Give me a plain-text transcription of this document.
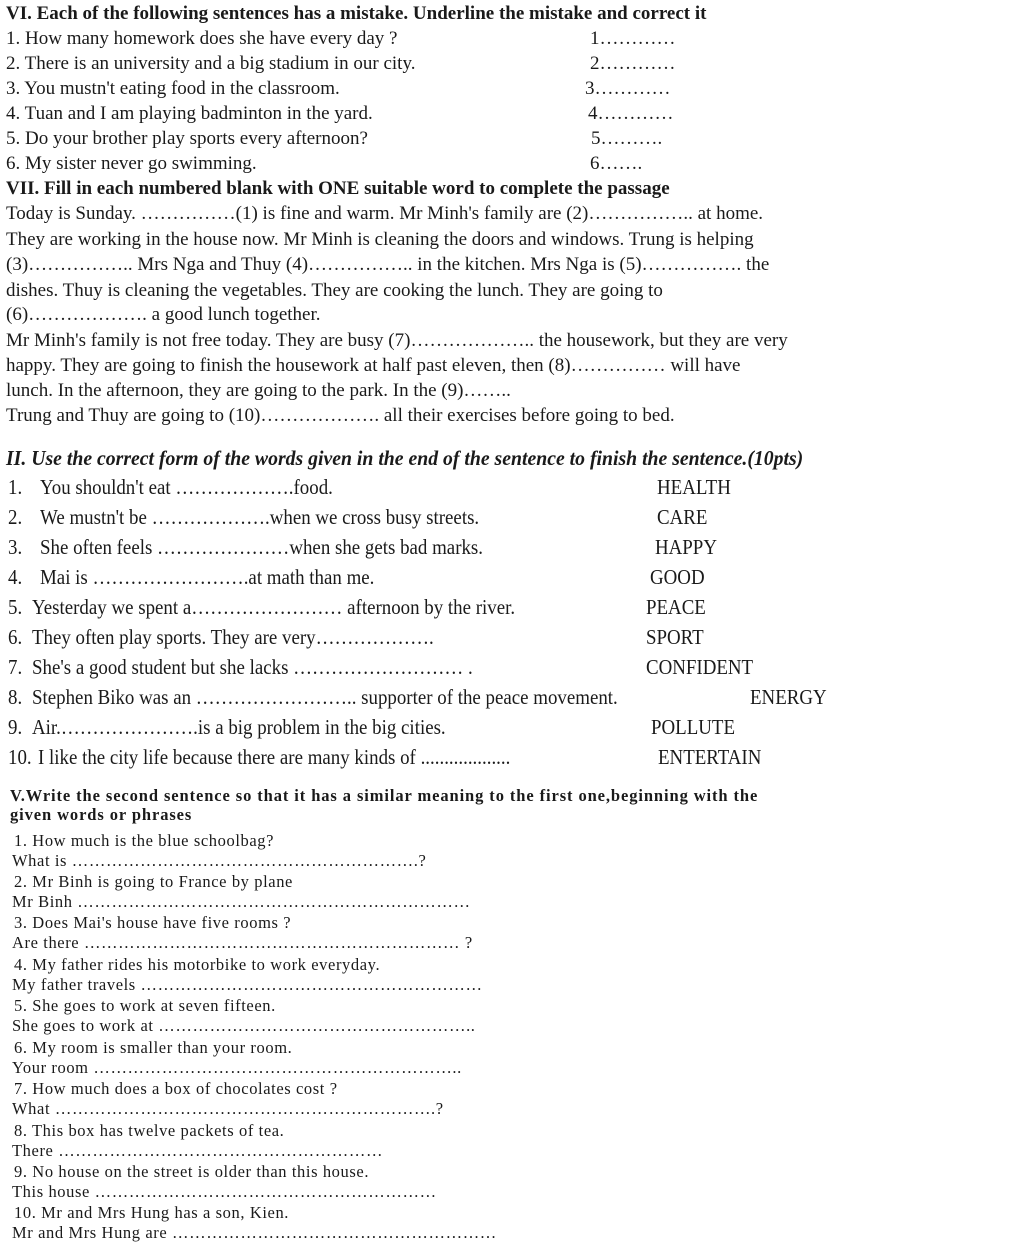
VI. Each of the following sentences has a mistake. Underline the mistake and correct it
1. How many homework does she have every day ?	1…………
2. There is an university and a big stadium in our city.	2…………
3. You mustn't eating food in the classroom.	3…………
4. Tuan and I am playing badminton in the yard.	4…………
5. Do your brother play sports every afternoon?	5……….
6. My sister never go swimming.	6…….
VII. Fill in each numbered blank with ONE suitable word to complete the passage
Today is Sunday. ……………(1) is fine and warm. Mr Minh's family are (2)…………….. at home.
They are working in the house now. Mr Minh is cleaning the doors and windows. Trung is helping
(3)…………….. Mrs Nga and Thuy (4)…………….. in the kitchen. Mrs Nga is (5)……………. the
dishes. Thuy is cleaning the vegetables. They are cooking the lunch. They are going to
(6)………………. a good lunch together.
Mr Minh's family is not free today. They are busy (7)……………….. the housework, but they are very
happy. They are going to finish the housework at half past eleven, then (8)…………… will have
lunch. In the afternoon, they are going to the park. In the (9)……..
Trung and Thuy are going to (10)………………. all their exercises before going to bed.
II. Use the correct form of the words given in the end of the sentence to finish the sentence.(10pts)
1. You shouldn't eat ……………….food.	HEALTH
2. We mustn't be ……………….when we cross busy streets.	CARE
3. She often feels …………………when she gets bad marks.	HAPPY
4. Mai is …………………….at math than me.	GOOD
5. Yesterday we spent a…………………… afternoon by the river.	PEACE
6. They often play sports. They are very……………….	SPORT
7. She's a good student but she lacks ……………………… .	CONFIDENT
8. Stephen Biko was an …………………….. supporter of the peace movement.	ENERGY
9. Air.………………….is a big problem in the big cities.	POLLUTE
10. I like the city life because there are many kinds of ...................	ENTERTAIN
V.Write the second sentence so that it has a similar meaning to the first one,beginning with the
given words or phrases
1. How much is the blue schoolbag?
What is …………………………………………………….?
2. Mr Binh is going to France by plane
Mr Binh ……………………………………………………………
3. Does Mai's house have five rooms ?
Are there ………………………………………………………… ?
4. My father rides his motorbike to work everyday.
My father travels ……………………………………………………
5. She goes to work at seven fifteen.
She goes to work at ………………………………………………..
6. My room is smaller than your room.
Your room ………………………………………………………..
7. How much does a box of chocolates cost ?
What ………………………………………………………….?
8. This box has twelve packets of tea.
There …………………………………………………
9. No house on the street is older than this house.
This house ……………………………………………………
10. Mr and Mrs Hung has a son, Kien.
Mr and Mrs Hung are …………………………………………………
